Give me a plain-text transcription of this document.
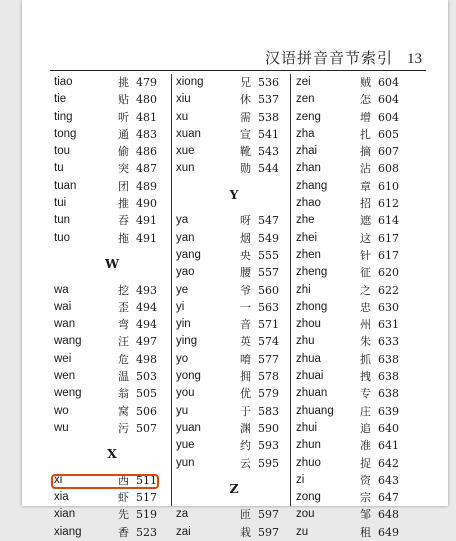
汉语拼音音节索引 13
tiao	挑 479
tie	贴 480
ting	听 481
tong	通 483
tou	偷 486
tu	突 487
tuan	团 489
tui	推 490
tun	吞 491
tuo	拖 491
W
wa	挖 493
wai	歪 494
wan	弯 494
wang	汪 497
wei	危 498
wen	温 503
weng	翁 505
wo	窝 506
wu	污 507
X
xi	西 511
xia	虾 517
xian	先 519
xiang	香 523
xiong	兄 536
xiu	休 537
xu	需 538
xuan	宣 541
xue	靴 543
xun	勋 544
Y
ya	呀 547
yan	烟 549
yang	央 555
yao	腰 557
ye	爷 560
yi	一 563
yin	音 571
ying	英 574
yo	唷 577
yong	拥 578
you	优 579
yu	于 583
yuan	渊 590
yue	约 593
yun	云 595
Z
za	匝 597
zai	栽 597
zei	贼 604
zen	怎 604
zeng	增 604
zha	扎 605
zhai	摘 607
zhan	沾 608
zhang	章 610
zhao	招 612
zhe	遮 614
zhei	这 617
zhen	针 617
zheng	征 620
zhi	之 622
zhong	忠 630
zhou	州 631
zhu	朱 633
zhua	抓 638
zhuai	拽 638
zhuan	专 638
zhuang 庄 639
zhui	追 640
zhun	准 641
zhuo	捉 642
zi	资 643
zong	宗 647
zou	邹 648
zu	租 649
